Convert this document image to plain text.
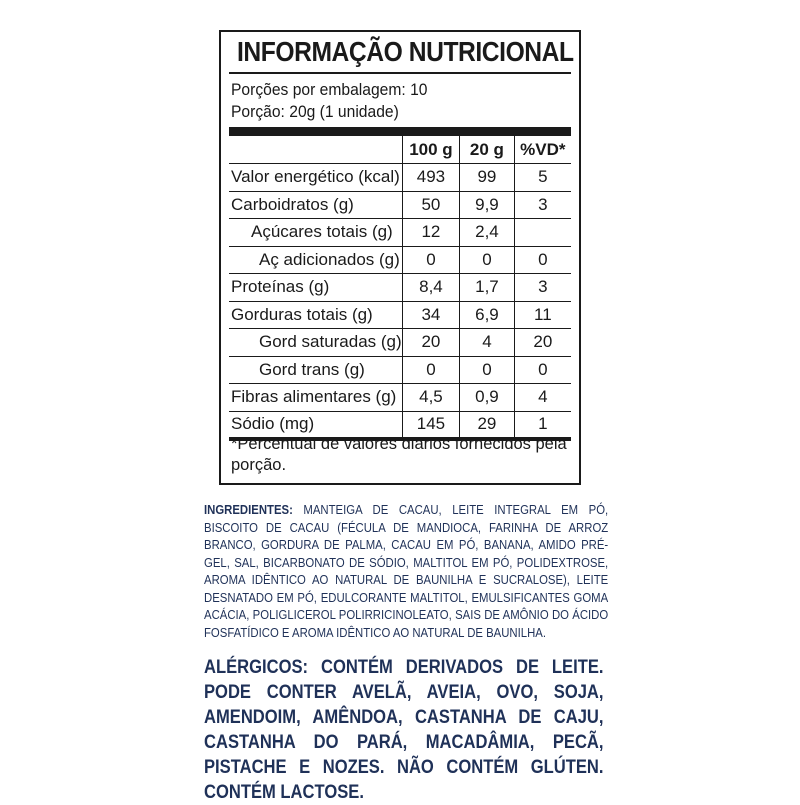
INFORMAÇÃO NUTRICIONAL
Porções por embalagem: 10
Porção: 20g (1 unidade)
	100 g	20 g	%VD*
Valor energético (kcal)	493	99	5
Carboidratos (g)	50	9,9	3
Açúcares totais (g)	12	2,4	
Aç adicionados (g)	0	0	0
Proteínas (g)	8,4	1,7	3
Gorduras totais (g)	34	6,9	11
Gord saturadas (g)	20	4	20
Gord trans (g)	0	0	0
Fibras alimentares (g)	4,5	0,9	4
Sódio (mg)	145	29	1
*Percentual de valores diários fornecidos pela porção.
INGREDIENTES: MANTEIGA DE CACAU, LEITE INTEGRAL EM PÓ, BISCOITO DE CACAU (FÉCULA DE MANDIOCA, FARINHA DE ARROZ BRANCO, GORDURA DE PALMA, CACAU EM PÓ, BANANA, AMIDO PRÉ-GEL, SAL, BICARBONATO DE SÓDIO, MALTITOL EM PÓ, POLIDEXTROSE, AROMA IDÊNTICO AO NATURAL DE BAUNILHA E SUCRALOSE), LEITE DESNATADO EM PÓ, EDULCORANTE MALTITOL, EMULSIFICANTES GOMA ACÁCIA, POLIGLICEROL POLIRRICINOLEATO, SAIS DE AMÔNIO DO ÁCIDO FOSFATÍDICO E AROMA IDÊNTICO AO NATURAL DE BAUNILHA.
ALÉRGICOS: CONTÉM DERIVADOS DE LEITE. PODE CONTER AVELÃ, AVEIA, OVO, SOJA, AMENDOIM, AMÊNDOA, CASTANHA DE CAJU, CASTANHA DO PARÁ, MACADÂMIA, PECÃ, PISTACHE E NOZES. NÃO CONTÉM GLÚTEN. CONTÉM LACTOSE.
